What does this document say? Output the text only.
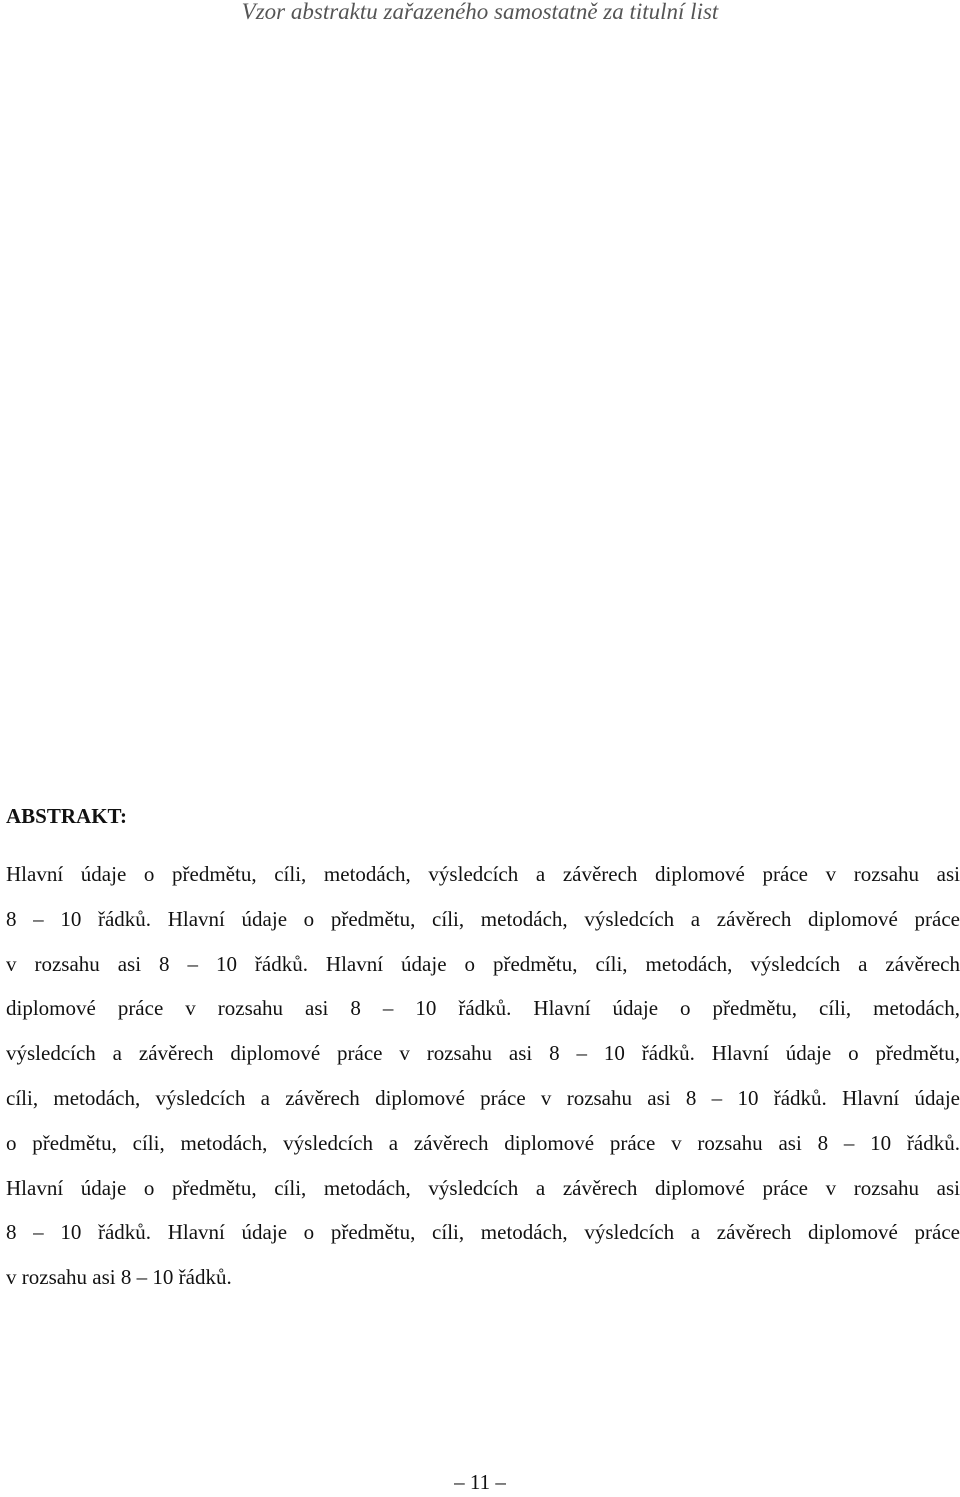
Vzor abstraktu zařazeného samostatně za titulní list
ABSTRAKT:
Hlavní údaje o předmětu, cíli, metodách, výsledcích a závěrech diplomové práce v rozsahu asi
8 – 10 řádků. Hlavní údaje o předmětu, cíli, metodách, výsledcích a závěrech diplomové práce
v rozsahu asi 8 – 10 řádků. Hlavní údaje o předmětu, cíli, metodách, výsledcích a závěrech
diplomové práce v rozsahu asi 8 – 10 řádků. Hlavní údaje o předmětu, cíli, metodách,
výsledcích a závěrech diplomové práce v rozsahu asi 8 – 10 řádků. Hlavní údaje o předmětu,
cíli, metodách, výsledcích a závěrech diplomové práce v rozsahu asi 8 – 10 řádků. Hlavní údaje
o předmětu, cíli, metodách, výsledcích a závěrech diplomové práce v rozsahu asi 8 – 10 řádků.
Hlavní údaje o předmětu, cíli, metodách, výsledcích a závěrech diplomové práce v rozsahu asi
8 – 10 řádků. Hlavní údaje o předmětu, cíli, metodách, výsledcích a závěrech diplomové práce
v rozsahu asi 8 – 10 řádků.
– 11 –
